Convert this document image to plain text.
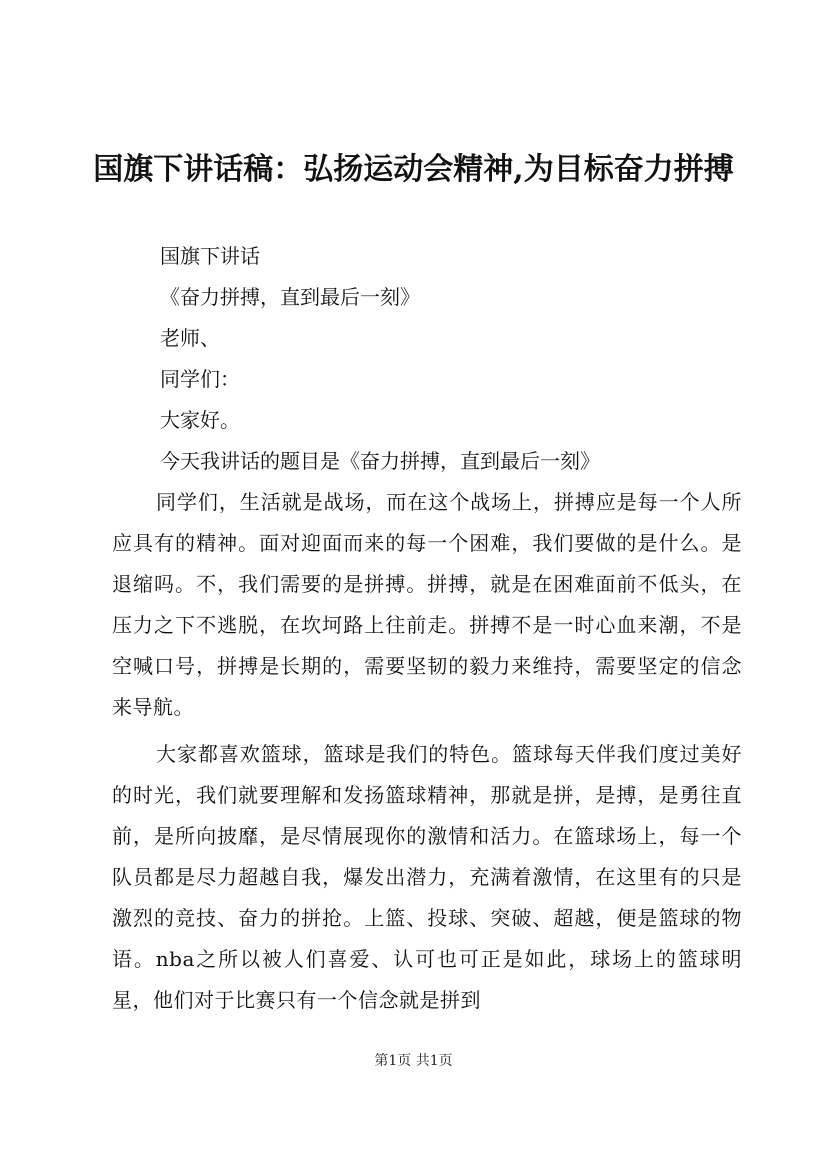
国旗下讲话稿：弘扬运动会精神,为目标奋力拼搏
国旗下讲话
《奋力拼搏，直到最后一刻》
老师、
同学们：
大家好。
今天我讲话的题目是《奋力拼搏，直到最后一刻》
同学们，生活就是战场，而在这个战场上，拼搏应是每一个人所应具有的精神。面对迎面而来的每一个困难，我们要做的是什么。是退缩吗。不，我们需要的是拼搏。拼搏，就是在困难面前不低头，在压力之下不逃脱，在坎坷路上往前走。拼搏不是一时心血来潮，不是空喊口号，拼搏是长期的，需要坚韧的毅力来维持，需要坚定的信念来导航。
大家都喜欢篮球，篮球是我们的特色。篮球每天伴我们度过美好的时光，我们就要理解和发扬篮球精神，那就是拼，是搏，是勇往直前，是所向披靡，是尽情展现你的激情和活力。在篮球场上，每一个队员都是尽力超越自我，爆发出潜力，充满着激情，在这里有的只是激烈的竞技、奋力的拼抢。上篮、投球、突破、超越，便是篮球的物语。nba之所以被人们喜爱、认可也可正是如此，球场上的篮球明星，他们对于比赛只有一个信念就是拼到
第1页 共1页
